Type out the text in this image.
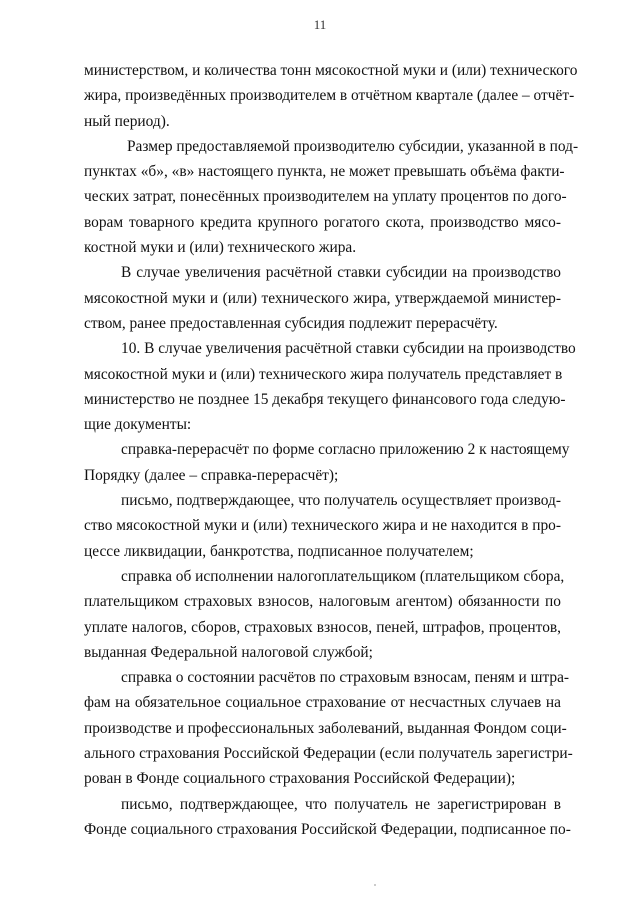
11

министерством, и количества тонн мясокостной муки и (или) технического
жира, произведённых производителем в отчётном квартале (далее – отчёт-
ный период).

Размер предоставляемой производителю субсидии, указанной в под-
пунктах «б», «в» настоящего пункта, не может превышать объёма факти-
ческих затрат, понесённых производителем на уплату процентов по дого-
ворам товарного кредита крупного рогатого скота, производство мясо-
костной муки и (или) технического жира.

В случае увеличения расчётной ставки субсидии на производство
мясокостной муки и (или) технического жира, утверждаемой министер-
ством, ранее предоставленная субсидия подлежит перерасчёту.

10. В случае увеличения расчётной ставки субсидии на производство
мясокостной муки и (или) технического жира получатель представляет в
министерство не позднее 15 декабря текущего финансового года следую-
щие документы:

справка-перерасчёт по форме согласно приложению 2 к настоящему
Порядку (далее – справка-перерасчёт);

письмо, подтверждающее, что получатель осуществляет производ-
ство мясокостной муки и (или) технического жира и не находится в про-
цессе ликвидации, банкротства, подписанное получателем;

справка об исполнении налогоплательщиком (плательщиком сбора,
плательщиком страховых взносов, налоговым агентом) обязанности по
уплате налогов, сборов, страховых взносов, пеней, штрафов, процентов,
выданная Федеральной налоговой службой;

справка о состоянии расчётов по страховым взносам, пеням и штра-
фам на обязательное социальное страхование от несчастных случаев на
производстве и профессиональных заболеваний, выданная Фондом соци-
ального страхования Российской Федерации (если получатель зарегистри-
рован в Фонде социального страхования Российской Федерации);

письмо, подтверждающее, что получатель не зарегистрирован в
Фонде социального страхования Российской Федерации, подписанное по-
